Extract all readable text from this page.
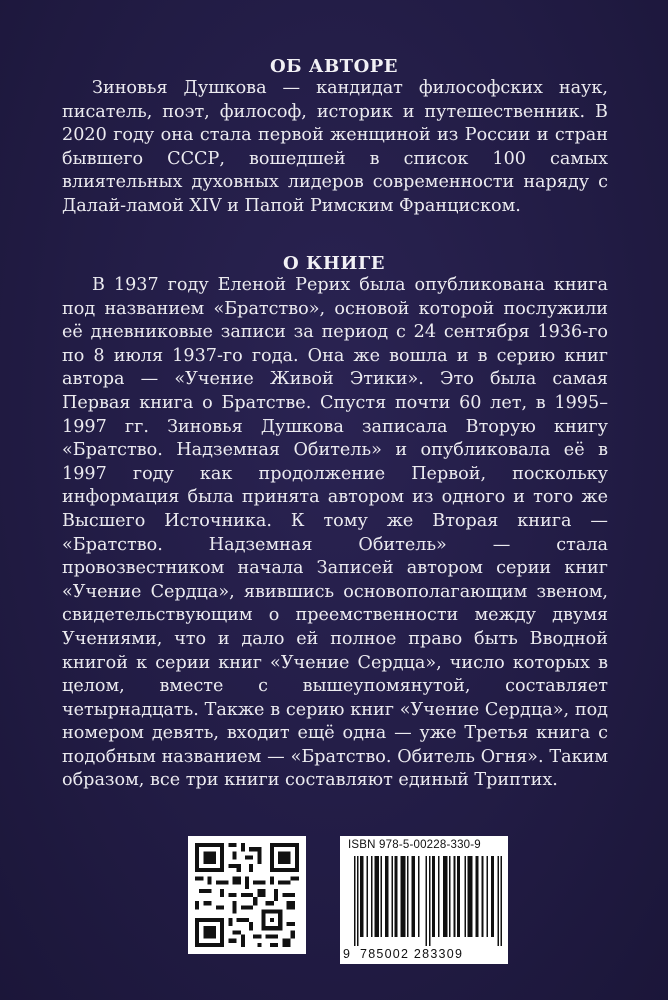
ОБ АВТОРЕ

Зиновья Душкова — кандидат философских наук, писатель, поэт, философ, историк и путешественник. В 2020 году она стала первой женщиной из России и стран бывшего СССР, вошедшей в список 100 самых влиятельных духовных лидеров современности наряду с Далай-ламой XIV и Папой Римским Франциском.

О КНИГЕ

В 1937 году Еленой Рерих была опубликована книга под названием «Братство», основой которой послужили её дневниковые записи за период с 24 сентября 1936-го по 8 июля 1937-го года. Она же вошла и в серию книг автора — «Учение Живой Этики». Это была самая Первая книга о Братстве. Спустя почти 60 лет, в 1995–1997 гг. Зиновья Душкова записала Вторую книгу «Братство. Надземная Обитель» и опубликовала её в 1997 году как продолжение Первой, поскольку информация была принята автором из одного и того же Высшего Источника. К тому же Вторая книга — «Братство. Надземная Обитель» — стала провозвестником начала Записей автором серии книг «Учение Сердца», явившись основополагающим звеном, свидетельствующим о преемственности между двумя Учениями, что и дало ей полное право быть Вводной книгой к серии книг «Учение Сердца», число которых в целом, вместе с вышеупомянутой, составляет четырнадцать. Также в серию книг «Учение Сердца», под номером девять, входит ещё одна — уже Третья книга с подобным названием — «Братство. Обитель Огня». Таким образом, все три книги составляют единый Триптих.

ISBN 978-5-00228-330-9
9 785002 283309
